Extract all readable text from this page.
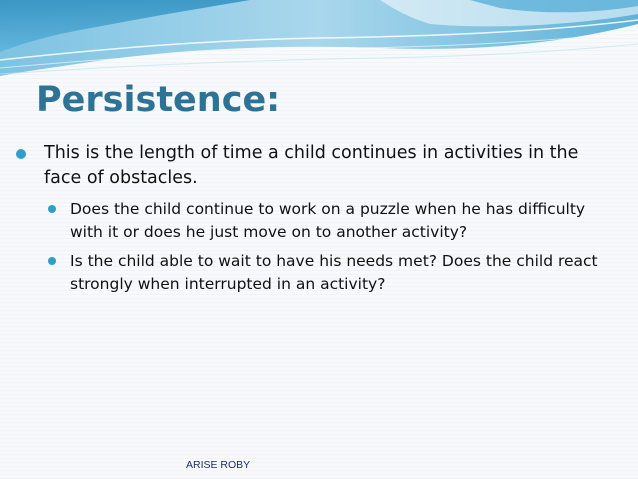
Persistence:
This is the length of time a child continues in activities in the face of obstacles.
Does the child continue to work on a puzzle when he has difficulty with it or does he just move on to another activity?
Is the child able to wait to have his needs met? Does the child react strongly when interrupted in an activity?
ARISE ROBY
